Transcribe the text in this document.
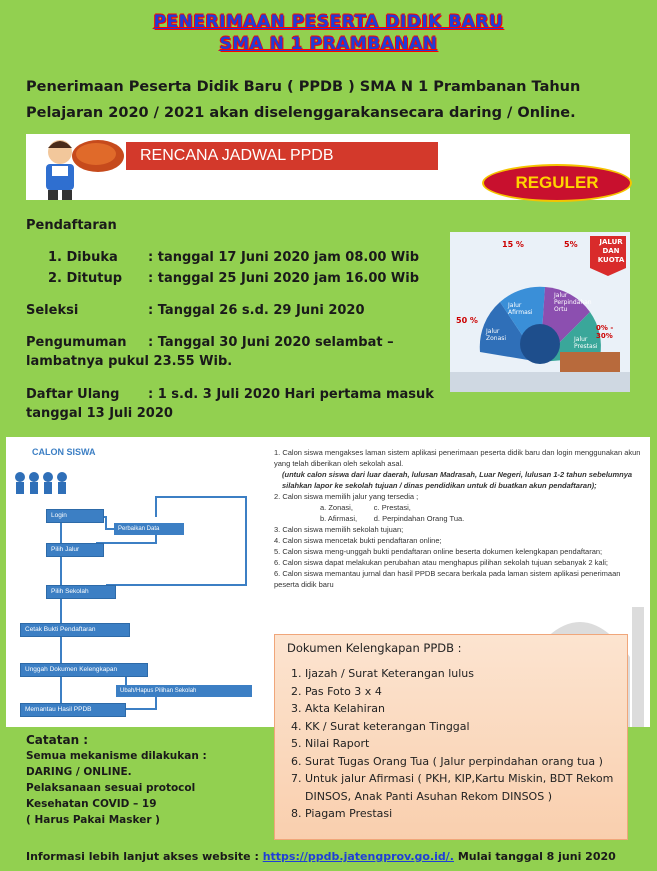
PENERIMAAN PESERTA DIDIK BARU
SMA N 1 PRAMBANAN
Penerimaan Peserta Didik Baru ( PPDB ) SMA N 1 Prambanan Tahun Pelajaran 2020 / 2021 akan diselenggarakansecara daring / Online.
RENCANA JADWAL PPDB
REGULER
Pendaftaran
1. Dibuka : tanggal 17 Juni 2020 jam 08.00 Wib
2. Ditutup : tanggal 25 Juni 2020 jam 16.00 Wib
Seleksi	: Tanggal 26 s.d. 29 Juni 2020
Pengumuman : Tanggal 30 Juni 2020 selambat –
lambatnya pukul 23.55 Wib.
Daftar Ulang : 1 s.d. 3 Juli 2020 Hari pertama masuk
tanggal 13 Juli 2020
JALUR DAN KUOTA
15 %	5%
50 %
0% - 30%
Jalur Zonasi
Jalur Afirmasi
Jalur Perpindahan Ortu
Jalur Prestasi
CALON SISWA
Login
Perbaikan Data
Pilih Jalur
Pilih Sekolah
Cetak Bukti Pendaftaran
Unggah Dokumen Kelengkapan
Ubah/Hapus Pilihan Sekolah
Memantau Hasil PPDB

1. Calon siswa mengakses laman sistem aplikasi penerimaan peserta didik baru dan login menggunakan akun yang telah diberikan oleh sekolah asal.

(untuk calon siswa dari luar daerah, lulusan Madrasah, Luar Negeri, lulusan 1-2 tahun sebelumnya silahkan lapor ke sekolah tujuan / dinas pendidikan untuk di buatkan akun pendaftaran);

2. Calon siswa memilih jalur yang tersedia ;

a. Zonasi,          c. Prestasi,

b. Afirmasi,        d. Perpindahan Orang Tua.

3. Calon siswa memilih sekolah tujuan;

4. Calon siswa mencetak bukti pendaftaran online;

5. Calon siswa meng-unggah bukti pendaftaran online beserta dokumen kelengkapan pendaftaran;

6. Calon siswa dapat melakukan perubahan atau menghapus pilihan sekolah tujuan sebanyak 2 kali;

6. Calon siswa memantau jurnal dan hasil PPDB secara berkala pada laman sistem aplikasi penerimaan peserta didik baru

Dokumen Kelengkapan PPDB :
1. Ijazah / Surat Keterangan lulus
2. Pas Foto 3 x 4
3. Akta Kelahiran
4. KK / Surat keterangan Tinggal
5. Nilai Raport
6. Surat Tugas Orang Tua ( Jalur perpindahan orang tua )
7. Untuk jalur Afirmasi ( PKH, KIP,Kartu Miskin, BDT Rekom DINSOS, Anak Panti Asuhan Rekom DINSOS )
8. Piagam Prestasi
Catatan :
Semua mekanisme dilakukan :
DARING / ONLINE.
Pelaksanaan sesuai protocol
Kesehatan COVID – 19
( Harus Pakai Masker )
Informasi lebih lanjut akses website : https://ppdb.jatengprov.go.id/. Mulai tanggal 8 juni 2020
